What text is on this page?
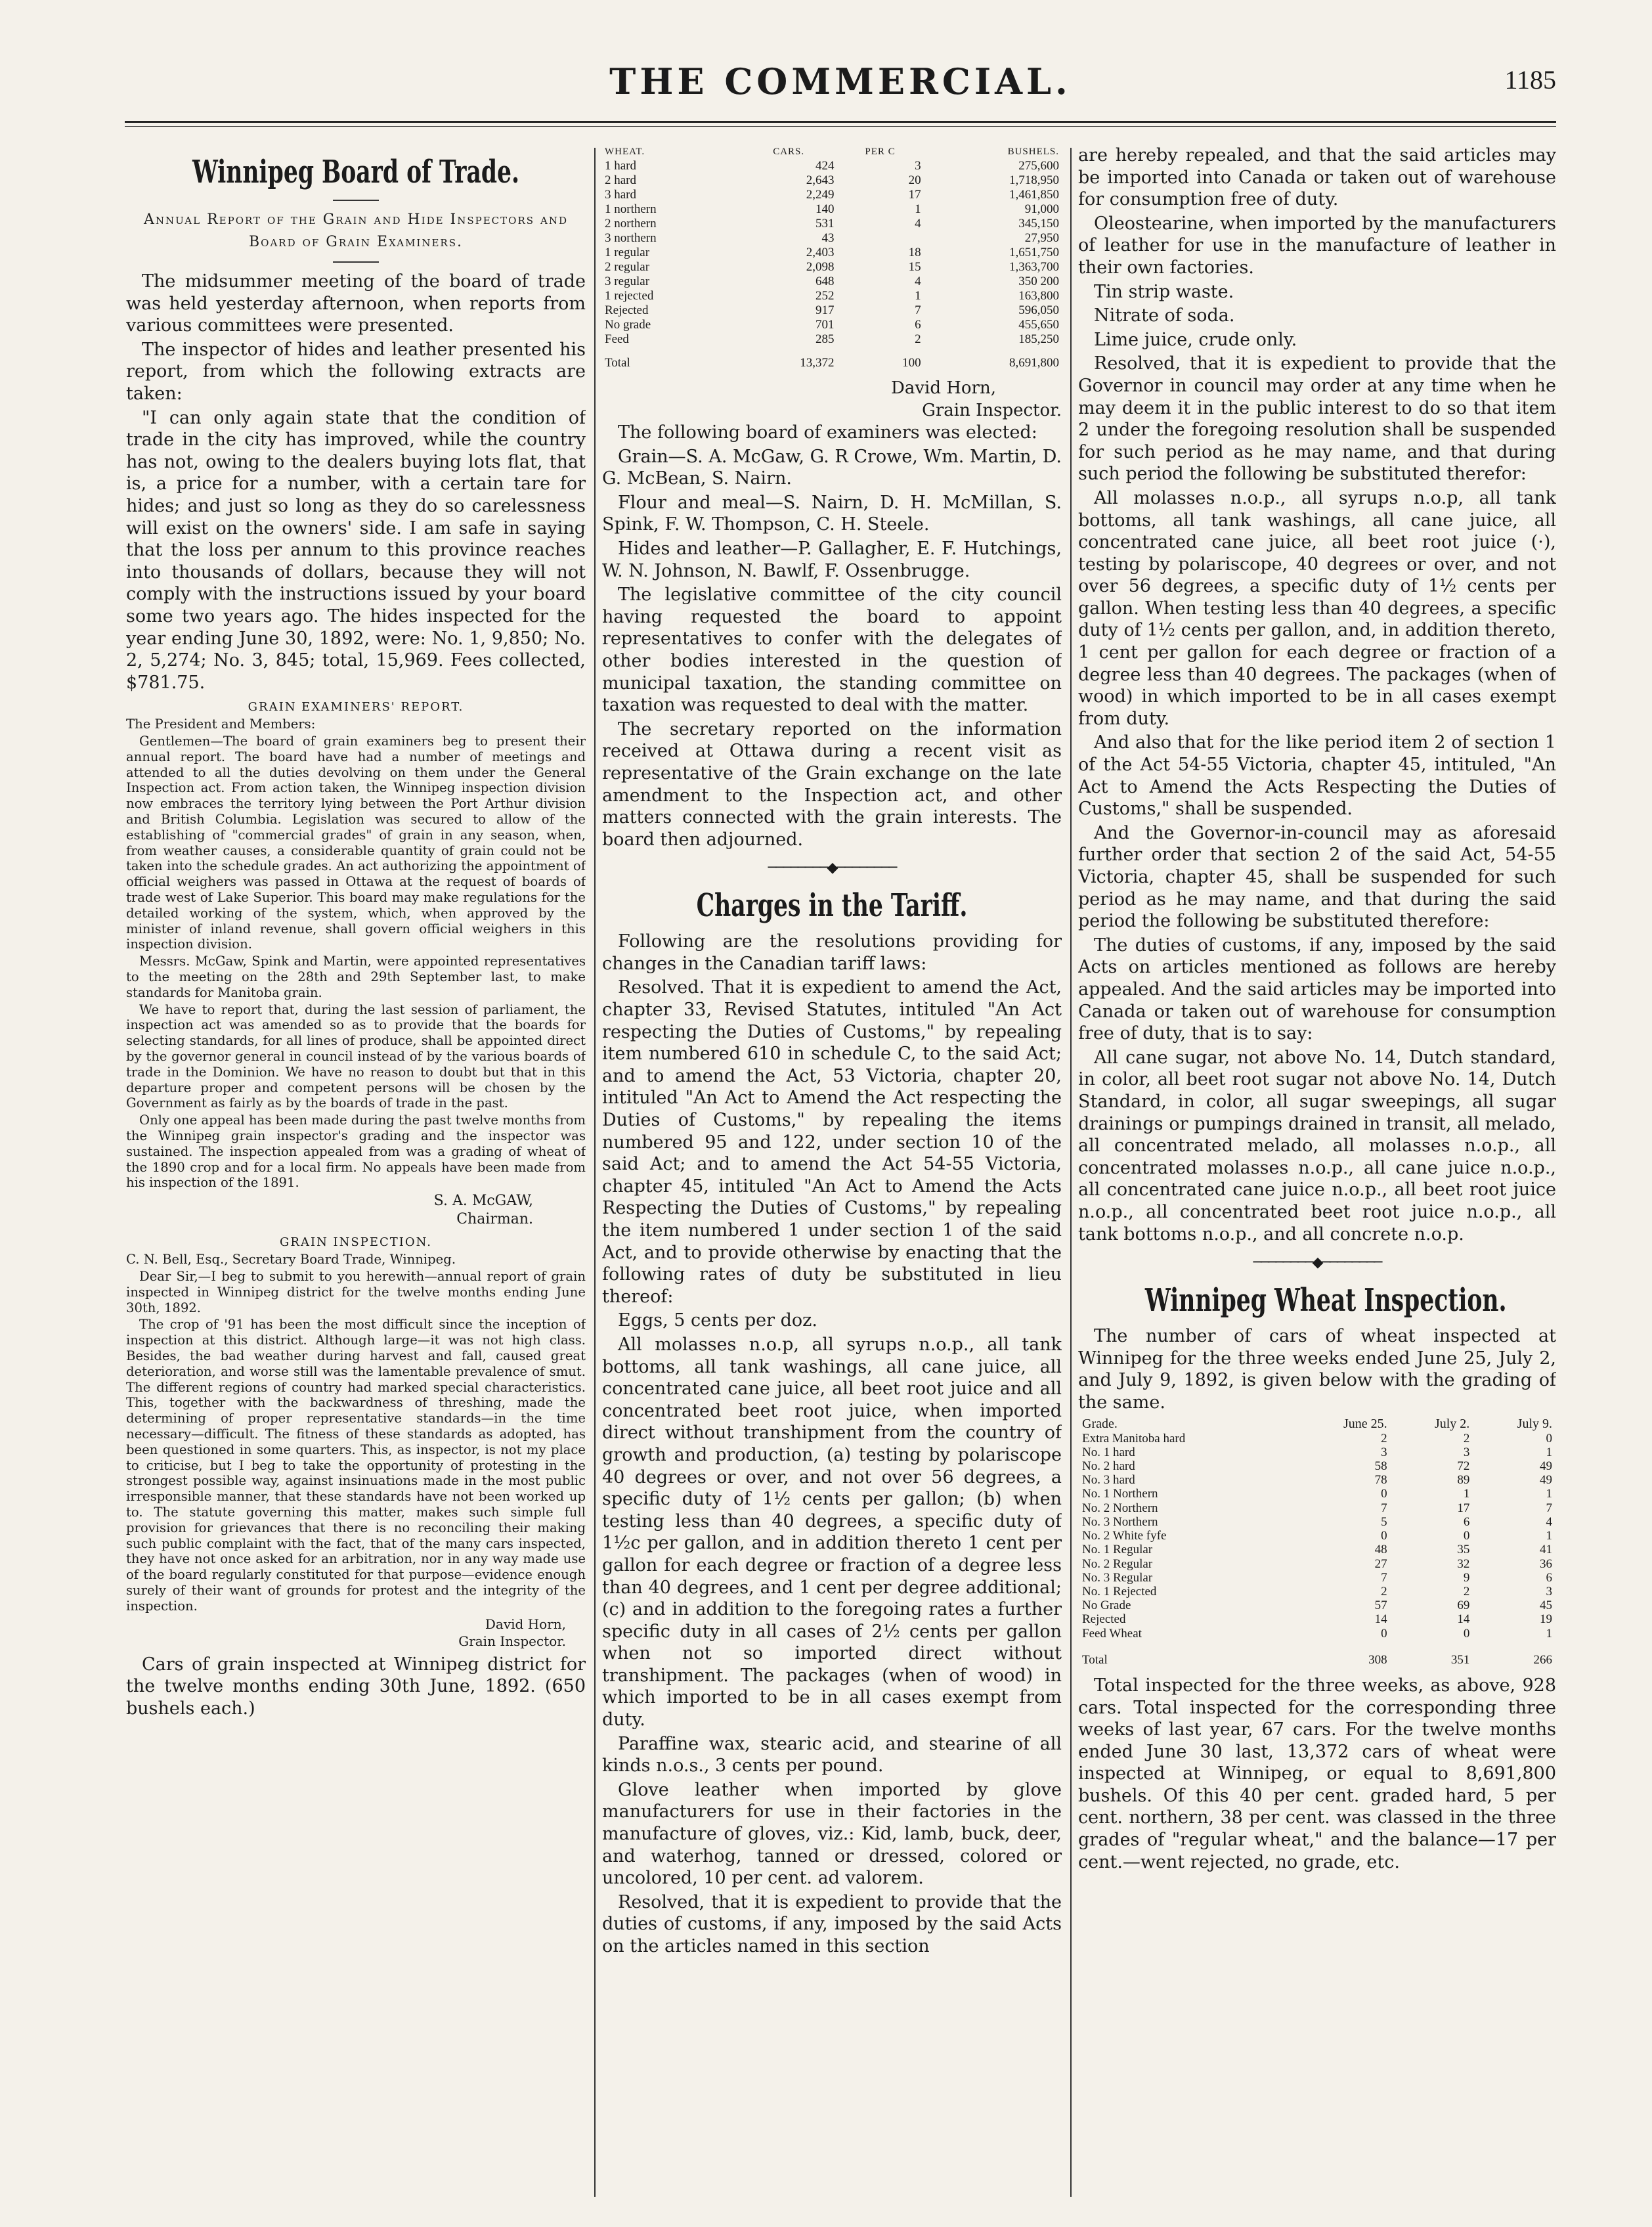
THE COMMERCIAL.	1185
Winnipeg Board of Trade.
Annual Report of the Grain and Hide Inspectors and Board of Grain Examiners.

The midsummer meeting of the board of trade was held yesterday afternoon, when reports from various committees were presented.

The inspector of hides and leather presented his report, from which the following extracts are taken:

"I can only again state that the condition of trade in the city has improved, while the country has not, owing to the dealers buying lots flat, that is, a price for a number, with a certain tare for hides; and just so long as they do so carelessness will exist on the owners' side. I am safe in saying that the loss per annum to this province reaches into thousands of dollars, because they will not comply with the instructions issued by your board some two years ago. The hides inspected for the year ending June 30, 1892, were: No. 1, 9,850; No. 2, 5,274; No. 3, 845; total, 15,969. Fees collected, $781.75.

GRAIN EXAMINERS' REPORT.

The President and Members:

Gentlemen—The board of grain examiners beg to present their annual report. The board have had a number of meetings and attended to all the duties devolving on them under the General Inspection act. From action taken, the Winnipeg inspection division now embraces the territory lying between the Port Arthur division and British Columbia. Legislation was secured to allow of the establishing of "commercial grades" of grain in any season, when, from weather causes, a considerable quantity of grain could not be taken into the schedule grades. An act authorizing the appointment of official weighers was passed in Ottawa at the request of boards of trade west of Lake Superior. This board may make regulations for the detailed working of the system, which, when approved by the minister of inland revenue, shall govern official weighers in this inspection division.

Messrs. McGaw, Spink and Martin, were appointed representatives to the meeting on the 28th and 29th September last, to make standards for Manitoba grain.

We have to report that, during the last session of parliament, the inspection act was amended so as to provide that the boards for selecting standards, for all lines of produce, shall be appointed direct by the governor general in council instead of by the various boards of trade in the Dominion. We have no reason to doubt but that in this departure proper and competent persons will be chosen by the Government as fairly as by the boards of trade in the past.

Only one appeal has been made during the past twelve months from the Winnipeg grain inspector's grading and the inspector was sustained. The inspection appealed from was a grading of wheat of the 1890 crop and for a local firm. No appeals have been made from his inspection of the 1891.

S. A. McGAW,
Chairman.
GRAIN INSPECTION.

C. N. Bell, Esq., Secretary Board Trade, Winnipeg.

Dear Sir,—I beg to submit to you herewith—annual report of grain inspected in Winnipeg district for the twelve months ending June 30th, 1892.

The crop of '91 has been the most difficult since the inception of inspection at this district. Although large—it was not high class. Besides, the bad weather during harvest and fall, caused great deterioration, and worse still was the lamentable prevalence of smut. The different regions of country had marked special characteristics. This, together with the backwardness of threshing, made the determining of proper representative standards—in the time necessary—difficult. The fitness of these standards as adopted, has been questioned in some quarters. This, as inspector, is not my place to criticise, but I beg to take the opportunity of protesting in the strongest possible way, against insinuations made in the most public irresponsible manner, that these standards have not been worked up to. The statute governing this matter, makes such simple full provision for grievances that there is no reconciling their making such public complaint with the fact, that of the many cars inspected, they have not once asked for an arbitration, nor in any way made use of the board regularly constituted for that purpose—evidence enough surely of their want of grounds for protest and the integrity of the inspection.

David Horn,
Grain Inspector.

Cars of grain inspected at Winnipeg district for the twelve months ending 30th June, 1892. (650 bushels each.)

WHEAT.	CARS.	PER C	BUSHELS.
1 hard	424	3	275,600
2 hard	2,643	20	1,718,950
3 hard	2,249	17	1,461,850
1 northern	140	1	91,000
2 northern	531	4	345,150
3 northern	43		27,950
1 regular	2,403	18	1,651,750
2 regular	2,098	15	1,363,700
3 regular	648	4	350 200
1 rejected	252	1	163,800
Rejected	917	7	596,050
No grade	701	6	455,650
Feed	285	2	185,250
Total	13,372	100	8,691,800
David Horn,
Grain Inspector.

The following board of examiners was elected:

Grain—S. A. McGaw, G. R Crowe, Wm. Martin, D. G. McBean, S. Nairn.

Flour and meal—S. Nairn, D. H. McMillan, S. Spink, F. W. Thompson, C. H. Steele.

Hides and leather—P. Gallagher, E. F. Hutchings, W. N. Johnson, N. Bawlf, F. Ossenbrugge.

The legislative committee of the city council having requested the board to appoint representatives to confer with the delegates of other bodies interested in the question of municipal taxation, the standing committee on taxation was requested to deal with the matter.

The secretary reported on the information received at Ottawa during a recent visit as representative of the Grain exchange on the late amendment to the Inspection act, and other matters connected with the grain interests. The board then adjourned.

────────◆────────
Charges in the Tariff.

Following are the resolutions providing for changes in the Canadian tariff laws:

Resolved. That it is expedient to amend the Act, chapter 33, Revised Statutes, intituled "An Act respecting the Duties of Customs," by repealing item numbered 610 in schedule C, to the said Act; and to amend the Act, 53 Victoria, chapter 20, intituled "An Act to Amend the Act respecting the Duties of Customs," by repealing the items numbered 95 and 122, under section 10 of the said Act; and to amend the Act 54-55 Victoria, chapter 45, intituled "An Act to Amend the Acts Respecting the Duties of Customs," by repealing the item numbered 1 under section 1 of the said Act, and to provide otherwise by enacting that the following rates of duty be substituted in lieu thereof:

Eggs, 5 cents per doz.

All molasses n.o.p, all syrups n.o.p., all tank bottoms, all tank washings, all cane juice, all concentrated cane juice, all beet root juice and all concentrated beet root juice, when imported direct without transhipment from the country of growth and production, (a) testing by polariscope 40 degrees or over, and not over 56 degrees, a specific duty of 1½ cents per gallon; (b) when testing less than 40 degrees, a specific duty of 1½c per gallon, and in addition thereto 1 cent per gallon for each degree or fraction of a degree less than 40 degrees, and 1 cent per degree additional; (c) and in addition to the foregoing rates a further specific duty in all cases of 2½ cents per gallon when not so imported direct without transhipment. The packages (when of wood) in which imported to be in all cases exempt from duty.

Paraffine wax, stearic acid, and stearine of all kinds n.o.s., 3 cents per pound.

Glove leather when imported by glove manufacturers for use in their factories in the manufacture of gloves, viz.: Kid, lamb, buck, deer, and waterhog, tanned or dressed, colored or uncolored, 10 per cent. ad valorem.

Resolved, that it is expedient to provide that the duties of customs, if any, imposed by the said Acts on the articles named in this section

are hereby repealed, and that the said articles may be imported into Canada or taken out of warehouse for consumption free of duty.

Oleostearine, when imported by the manufacturers of leather for use in the manufacture of leather in their own factories.

Tin strip waste.

Nitrate of soda.

Lime juice, crude only.

Resolved, that it is expedient to provide that the Governor in council may order at any time when he may deem it in the public interest to do so that item 2 under the foregoing resolution shall be suspended for such period as he may name, and that during such period the following be substituted therefor:

All molasses n.o.p., all syrups n.o.p, all tank bottoms, all tank washings, all cane juice, all concentrated cane juice, all beet root juice (·), testing by polariscope, 40 degrees or over, and not over 56 degrees, a specific duty of 1½ cents per gallon. When testing less than 40 degrees, a specific duty of 1½ cents per gallon, and, in addition thereto, 1 cent per gallon for each degree or fraction of a degree less than 40 degrees. The packages (when of wood) in which imported to be in all cases exempt from duty.

And also that for the like period item 2 of section 1 of the Act 54-55 Victoria, chapter 45, intituled, "An Act to Amend the Acts Respecting the Duties of Customs," shall be suspended.

And the Governor-in-council may as aforesaid further order that section 2 of the said Act, 54-55 Victoria, chapter 45, shall be suspended for such period as he may name, and that during the said period the following be substituted therefore:

The duties of customs, if any, imposed by the said Acts on articles mentioned as follows are hereby appealed. And the said articles may be imported into Canada or taken out of warehouse for consumption free of duty, that is to say:

All cane sugar, not above No. 14, Dutch standard, in color, all beet root sugar not above No. 14, Dutch Standard, in color, all sugar sweepings, all sugar drainings or pumpings drained in transit, all melado, all concentrated melado, all molasses n.o.p., all concentrated molasses n.o.p., all cane juice n.o.p., all concentrated cane juice n.o.p., all beet root juice n.o.p., all concentrated beet root juice n.o.p., all tank bottoms n.o.p., and all concrete n.o.p.

────────◆────────
Winnipeg Wheat Inspection.

The number of cars of wheat inspected at Winnipeg for the three weeks ended June 25, July 2, and July 9, 1892, is given below with the grading of the same.

Grade.	June 25.	July 2.	July 9.
Extra Manitoba hard	2	2	0
No. 1 hard	3	3	1
No. 2 hard	58	72	49
No. 3 hard	78	89	49
No. 1 Northern	0	1	1
No. 2 Northern	7	17	7
No. 3 Northern	5	6	4
No. 2 White fyfe	0	0	1
No. 1 Regular	48	35	41
No. 2 Regular	27	32	36
No. 3 Regular	7	9	6
No. 1 Rejected	2	2	3
No Grade	57	69	45
Rejected	14	14	19
Feed Wheat	0	0	1
Total	308	351	266

Total inspected for the three weeks, as above, 928 cars. Total inspected for the corresponding three weeks of last year, 67 cars. For the twelve months ended June 30 last, 13,372 cars of wheat were inspected at Winnipeg, or equal to 8,691,800 bushels. Of this 40 per cent. graded hard, 5 per cent. northern, 38 per cent. was classed in the three grades of "regular wheat," and the balance—17 per cent.—went rejected, no grade, etc.
